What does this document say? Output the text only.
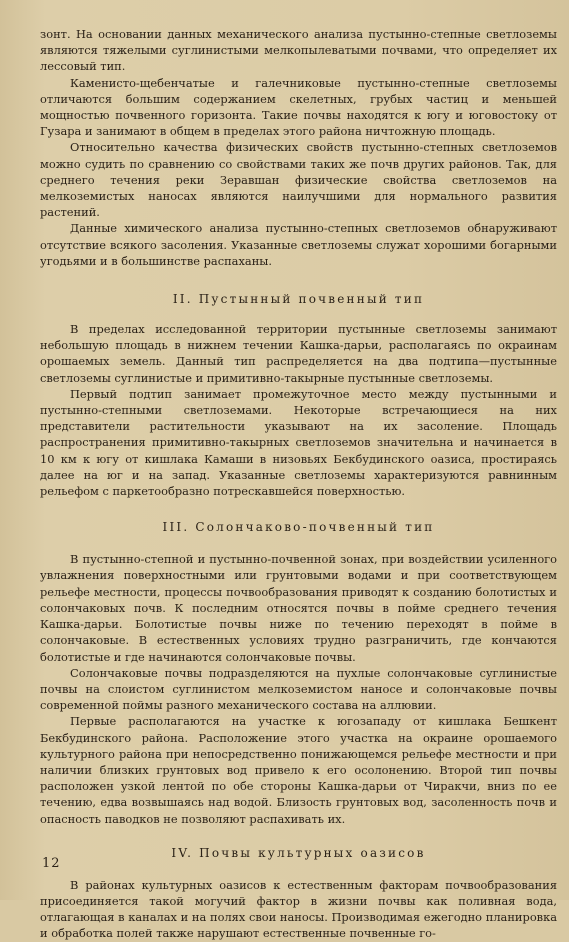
зонт. На основании данных механического анализа пустынно-степные светлоземы являются тяжелыми суглинистыми мелкопылеватыми почвами, что определяет их лессовый тип.

Каменисто-щебенчатые и галечниковые пустынно-степные светлоземы отличаются большим содержанием скелетных, грубых частиц и меньшей мощностью почвенного горизонта. Такие почвы находятся к югу и юговостоку от Гузара и занимают в общем в пределах этого района ничтожную площадь.

Относительно качества физических свойств пустынно-степных светлоземов можно судить по сравнению со свойствами таких же почв других районов. Так, для среднего течения реки Зеравшан физические свойства светлоземов на мелкоземистых наносах являются наилучшими для нормального развития растений.

Данные химического анализа пустынно-степных светлоземов обнаруживают отсутствие всякого засоления. Указанные светлоземы служат хорошими богарными угодьями и в большинстве распаханы.

II. Пустынный почвенный тип

В пределах исследованной территории пустынные светлоземы занимают небольшую площадь в нижнем течении Кашка-дарьи, располагаясь по окраинам орошаемых земель. Данный тип распределяется на два подтипа—пустынные светлоземы суглинистые и примитивно-такырные пустынные светлоземы.

Первый подтип занимает промежуточное место между пустынными и пустынно-степными светлоземами. Некоторые встречающиеся на них представители растительности указывают на их засоление. Площадь распространения примитивно-такырных светлоземов значительна и начинается в 10 км к югу от кишлака Камаши в низовьях Бекбудинского оазиса, простираясь далее на юг и на запад. Указанные светлоземы характеризуются равнинным рельефом с паркетообразно потрескавшейся поверхностью.

III. Солончаково-почвенный тип

В пустынно-степной и пустынно-почвенной зонах, при воздействии усиленного увлажнения поверхностными или грунтовыми водами и при соответствующем рельефе местности, процессы почвообразования приводят к созданию болотистых и солончаковых почв. К последним относятся почвы в пойме среднего течения Кашка-дарьи. Болотистые почвы ниже по течению переходят в пойме в солончаковые. В естественных условиях трудно разграничить, где кончаются болотистые и где начинаются солончаковые почвы.

Солончаковые почвы подразделяются на пухлые солончаковые суглинистые почвы на слоистом суглинистом мелкоземистом наносе и солончаковые почвы современной поймы разного механического состава на аллювии.

Первые располагаются на участке к югозападу от кишлака Бешкент Бекбудинского района. Расположение этого участка на окраине орошаемого культурного района при непосредственно понижающемся рельефе местности и при наличии близких грунтовых вод привело к его осолонению. Второй тип почвы расположен узкой лентой по обе стороны Кашка-дарьи от Чиракчи, вниз по ее течению, едва возвышаясь над водой. Близость грунтовых вод, засоленность почв и опасность паводков не позволяют распахивать их.

IV. Почвы культурных оазисов

В районах культурных оазисов к естественным факторам почвообразования присоединяется такой могучий фактор в жизни почвы как поливная вода, отлагающая в каналах и на полях свои наносы. Производимая ежегодно планировка и обработка полей также нарушают естественные почвенные го-

12
